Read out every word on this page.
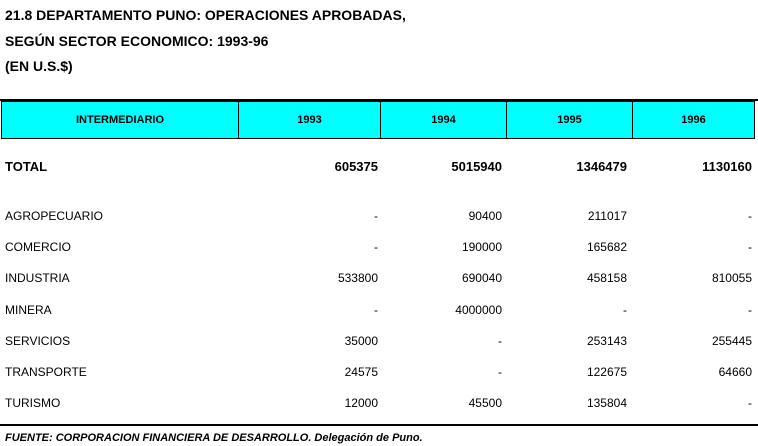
21.8 DEPARTAMENTO PUNO: OPERACIONES APROBADAS,
SEGÚN SECTOR ECONOMICO: 1993-96
(EN U.S.$)
INTERMEDIARIO	1993	1994	1995	1996
TOTAL	605375	5015940	1346479	1130160
AGROPECUARIO	-	90400	211017	-
COMERCIO	-	190000	165682	-
INDUSTRIA	533800	690040	458158	810055
MINERA	-	4000000	-	-
SERVICIOS	35000	-	253143	255445
TRANSPORTE	24575	-	122675	64660
TURISMO	12000	45500	135804	-
FUENTE: CORPORACION FINANCIERA DE DESARROLLO. Delegación de Puno.
